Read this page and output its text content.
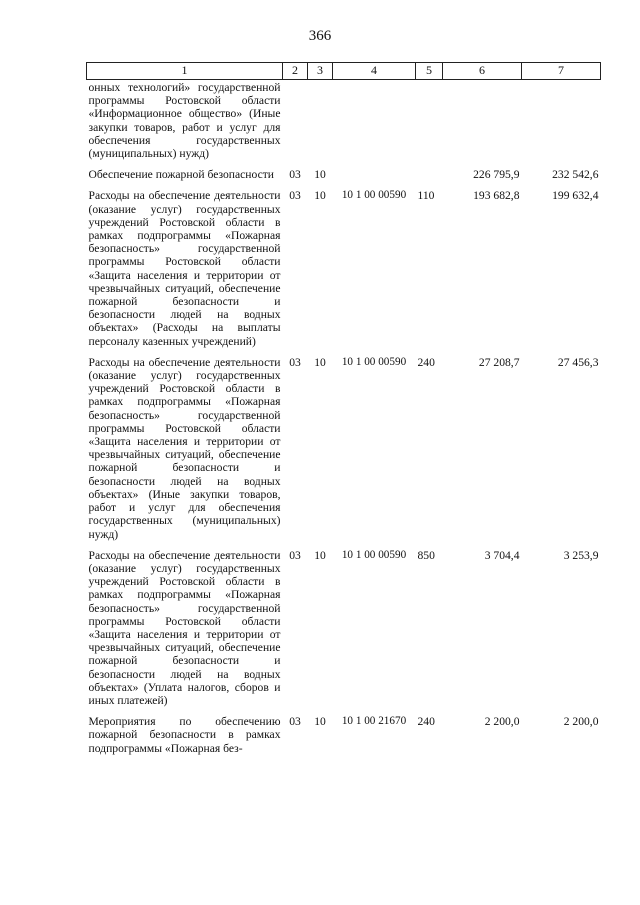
366
1	2	3	4	5	6	7
онных технологий» государственной программы Ростовской области «Информационное общество» (Иные закупки товаров, работ и услуг для обеспечения государственных (муниципальных) нужд)						
Обеспечение пожарной безопасности	03	10			226 795,9	232 542,6
Расходы на обеспечение деятельности (оказание услуг) государственных учреждений Ростовской области в рамках подпрограммы «Пожарная безопасность» государственной программы Ростовской области «Защита населения и территории от чрезвычайных ситуаций, обеспечение пожарной безопасности и безопасности людей на водных объектах» (Расходы на выплаты персоналу казенных учреждений)	03	10	10 1 00 00590	110	193 682,8	199 632,4
Расходы на обеспечение деятельности (оказание услуг) государственных учреждений Ростовской области в рамках подпрограммы «Пожарная безопасность» государственной программы Ростовской области «Защита населения и территории от чрезвычайных ситуаций, обеспечение пожарной безопасности и безопасности людей на водных объектах» (Иные закупки товаров, работ и услуг для обеспечения государственных (муниципальных) нужд)	03	10	10 1 00 00590	240	27 208,7	27 456,3
Расходы на обеспечение деятельности (оказание услуг) государственных учреждений Ростовской области в рамках подпрограммы «Пожарная безопасность» государственной программы Ростовской области «Защита населения и территории от чрезвычайных ситуаций, обеспечение пожарной безопасности и безопасности людей на водных объектах» (Уплата налогов, сборов и иных платежей)	03	10	10 1 00 00590	850	3 704,4	3 253,9
Мероприятия по обеспечению пожарной безопасности в рамках подпрограммы «Пожарная без-	03	10	10 1 00 21670	240	2 200,0	2 200,0
